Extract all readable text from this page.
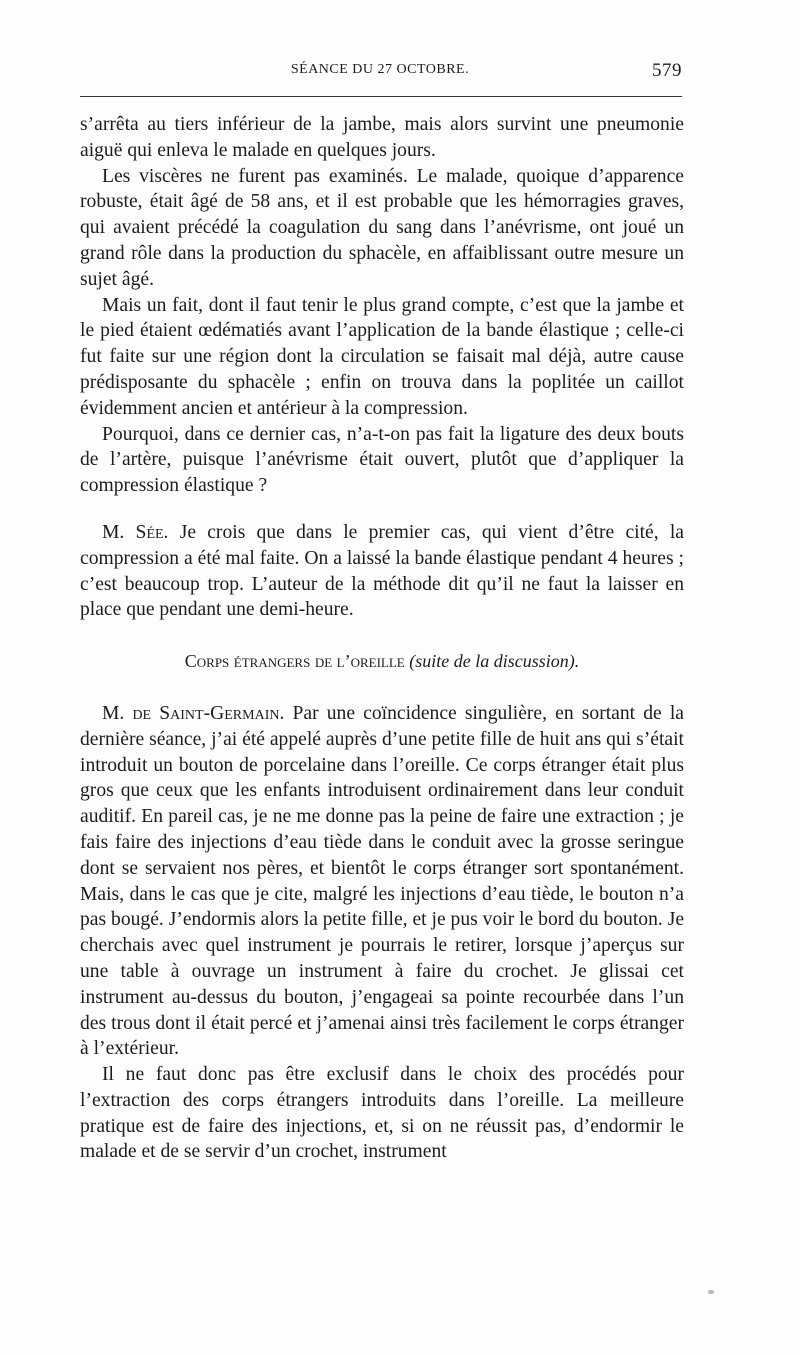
SÉANCE DU 27 OCTOBRE.	579

s’arrêta au tiers inférieur de la jambe, mais alors survint une pneumonie aiguë qui enleva le malade en quelques jours.

Les viscères ne furent pas examinés. Le malade, quoique d’apparence robuste, était âgé de 58 ans, et il est probable que les hémorragies graves, qui avaient précédé la coagulation du sang dans l’anévrisme, ont joué un grand rôle dans la production du sphacèle, en affaiblissant outre mesure un sujet âgé.

Mais un fait, dont il faut tenir le plus grand compte, c’est que la jambe et le pied étaient œdématiés avant l’application de la bande élastique ; celle-ci fut faite sur une région dont la circulation se faisait mal déjà, autre cause prédisposante du sphacèle ; enfin on trouva dans la poplitée un caillot évidemment ancien et antérieur à la compression.

Pourquoi, dans ce dernier cas, n’a-t-on pas fait la ligature des deux bouts de l’artère, puisque l’anévrisme était ouvert, plutôt que d’appliquer la compression élastique ?

M. Sée. Je crois que dans le premier cas, qui vient d’être cité, la compression a été mal faite. On a laissé la bande élastique pendant 4 heures ; c’est beaucoup trop. L’auteur de la méthode dit qu’il ne faut la laisser en place que pendant une demi-heure.

Corps étrangers de l’oreille (suite de la discussion).

M. de Saint-Germain. Par une coïncidence singulière, en sortant de la dernière séance, j’ai été appelé auprès d’une petite fille de huit ans qui s’était introduit un bouton de porcelaine dans l’oreille. Ce corps étranger était plus gros que ceux que les enfants introduisent ordinairement dans leur conduit auditif. En pareil cas, je ne me donne pas la peine de faire une extraction ; je fais faire des injections d’eau tiède dans le conduit avec la grosse seringue dont se servaient nos pères, et bientôt le corps étranger sort spontanément. Mais, dans le cas que je cite, malgré les injections d’eau tiède, le bouton n’a pas bougé. J’endormis alors la petite fille, et je pus voir le bord du bouton. Je cherchais avec quel instrument je pourrais le retirer, lorsque j’aperçus sur une table à ouvrage un instrument à faire du crochet. Je glissai cet instrument au-dessus du bouton, j’engageai sa pointe recourbée dans l’un des trous dont il était percé et j’amenai ainsi très facilement le corps étranger à l’extérieur.

Il ne faut donc pas être exclusif dans le choix des procédés pour l’extraction des corps étrangers introduits dans l’oreille. La meilleure pratique est de faire des injections, et, si on ne réussit pas, d’endormir le malade et de se servir d’un crochet, instrument
